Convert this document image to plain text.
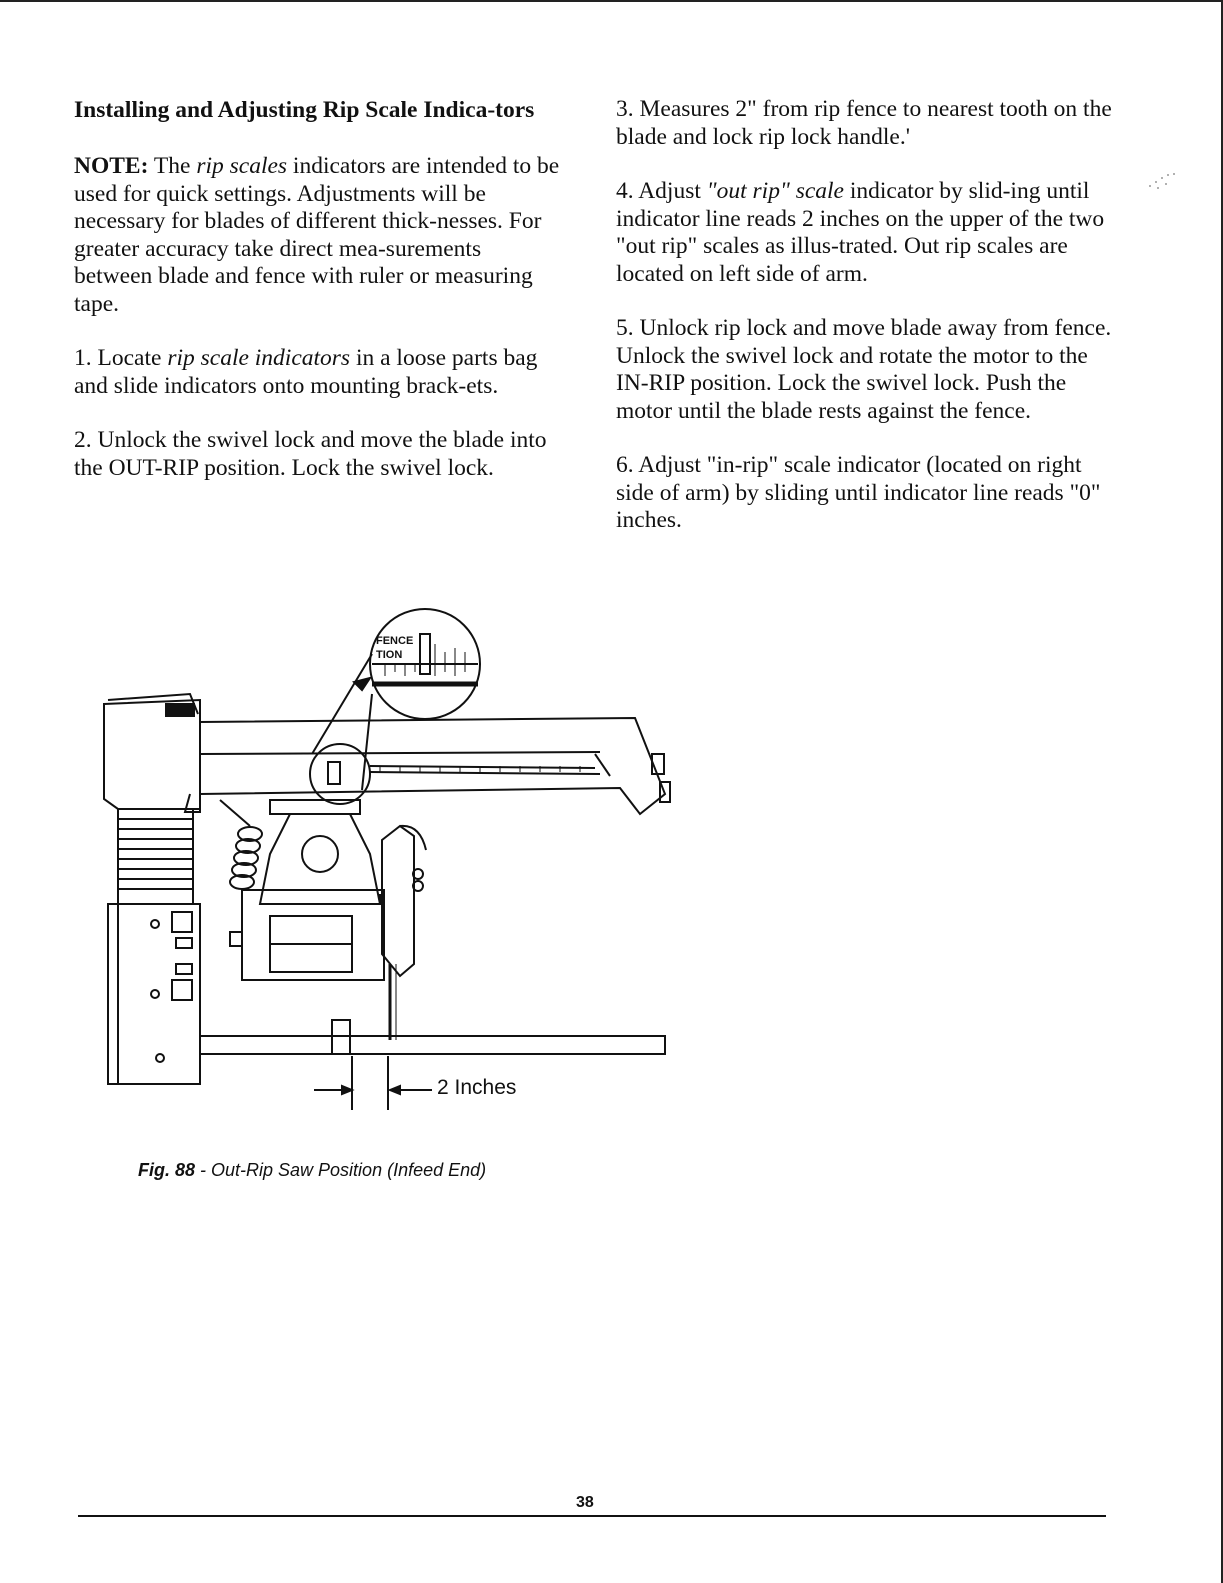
Installing and Adjusting Rip Scale Indica-tors

NOTE: The rip scales indicators are intended to be used for quick settings. Adjustments will be necessary for blades of different thick-nesses. For greater accuracy take direct mea-surements between blade and fence with ruler or measuring tape.

1. Locate rip scale indicators in a loose parts bag and slide indicators onto mounting brack-ets.

2. Unlock the swivel lock and move the blade into the OUT-RIP position. Lock the swivel lock.

3. Measures 2" from rip fence to nearest tooth on the blade and lock rip lock handle.'

4. Adjust "out rip" scale indicator by slid-ing until indicator line reads 2 inches on the upper of the two "out rip" scales as illus-trated. Out rip scales are located on left side of arm.

5. Unlock rip lock and move blade away from fence. Unlock the swivel lock and rotate the motor to the IN-RIP position. Lock the swivel lock. Push the motor until the blade rests against the fence.

6. Adjust "in-rip" scale indicator (located on right side of arm) by sliding until indicator line reads "0" inches.

FENCE
TION
2 Inches
Fig. 88 - Out-Rip Saw Position (Infeed End)
38
